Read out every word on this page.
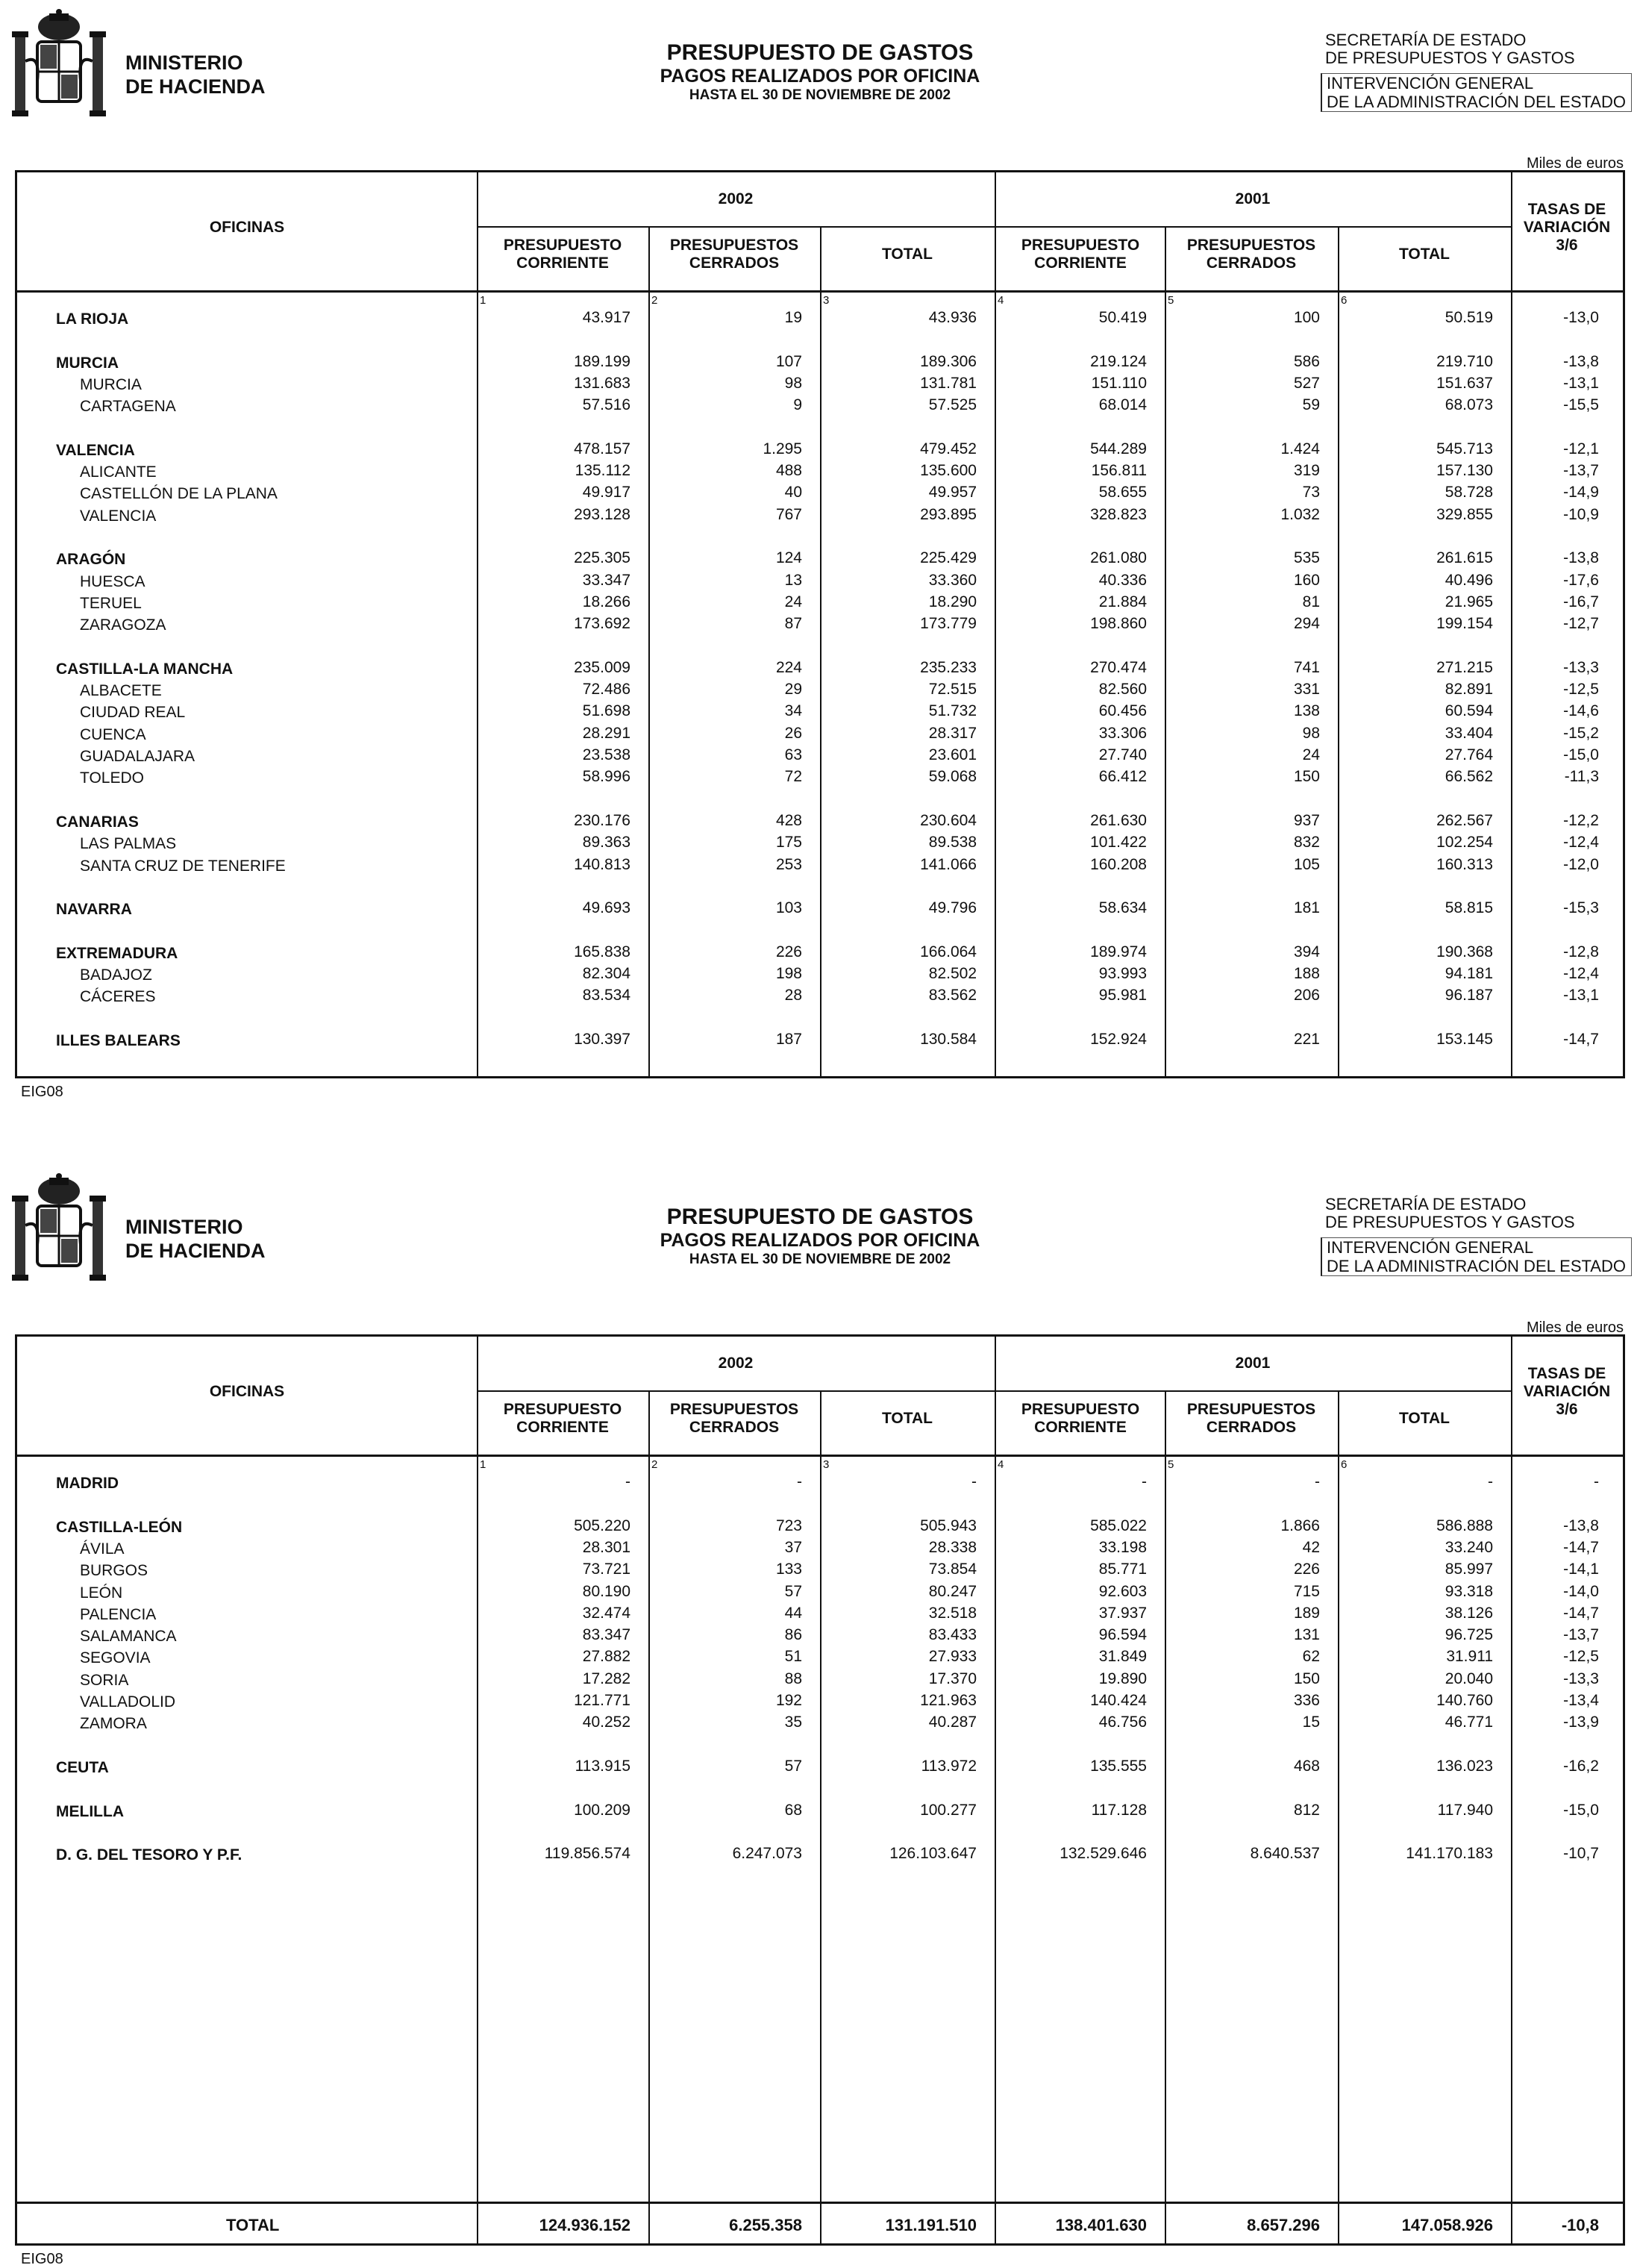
MINISTERIO
DE HACIENDA
PRESUPUESTO DE GASTOS
PAGOS REALIZADOS POR OFICINA
HASTA EL 30 DE NOVIEMBRE DE 2002
SECRETARÍA DE ESTADO
DE PRESUPUESTOS Y GASTOS
INTERVENCIÓN GENERAL
DE LA ADMINISTRACIÓN DEL ESTADO
Miles de euros
OFICINAS
2002	2001
TASAS DE VARIACIÓN 3/6
PRESUPUESTO CORRIENTE
PRESUPUESTOS CERRADOS
TOTAL
PRESUPUESTO CORRIENTE
PRESUPUESTOS CERRADOS
TOTAL
1	2	3	4	5	6
LA RIOJA	43.917	19	43.936	50.419	100	50.519	-13,0
MURCIA	189.199	107	189.306	219.124	586	219.710	-13,8
MURCIA	131.683	98	131.781	151.110	527	151.637	-13,1
CARTAGENA	57.516	9	57.525	68.014	59	68.073	-15,5
VALENCIA	478.157	1.295	479.452	544.289	1.424	545.713	-12,1
ALICANTE	135.112	488	135.600	156.811	319	157.130	-13,7
CASTELLÓN DE LA PLANA	49.917	40	49.957	58.655	73	58.728	-14,9
VALENCIA	293.128	767	293.895	328.823	1.032	329.855	-10,9
ARAGÓN	225.305	124	225.429	261.080	535	261.615	-13,8
HUESCA	33.347	13	33.360	40.336	160	40.496	-17,6
TERUEL	18.266	24	18.290	21.884	81	21.965	-16,7
ZARAGOZA	173.692	87	173.779	198.860	294	199.154	-12,7
CASTILLA-LA MANCHA	235.009	224	235.233	270.474	741	271.215	-13,3
ALBACETE	72.486	29	72.515	82.560	331	82.891	-12,5
CIUDAD REAL	51.698	34	51.732	60.456	138	60.594	-14,6
CUENCA	28.291	26	28.317	33.306	98	33.404	-15,2
GUADALAJARA	23.538	63	23.601	27.740	24	27.764	-15,0
TOLEDO	58.996	72	59.068	66.412	150	66.562	-11,3
CANARIAS	230.176	428	230.604	261.630	937	262.567	-12,2
LAS PALMAS	89.363	175	89.538	101.422	832	102.254	-12,4
SANTA CRUZ DE TENERIFE	140.813	253	141.066	160.208	105	160.313	-12,0
NAVARRA	49.693	103	49.796	58.634	181	58.815	-15,3
EXTREMADURA	165.838	226	166.064	189.974	394	190.368	-12,8
BADAJOZ	82.304	198	82.502	93.993	188	94.181	-12,4
CÁCERES	83.534	28	83.562	95.981	206	96.187	-13,1
ILLES BALEARS	130.397	187	130.584	152.924	221	153.145	-14,7
EIG08
MINISTERIO
DE HACIENDA
PRESUPUESTO DE GASTOS
PAGOS REALIZADOS POR OFICINA
HASTA EL 30 DE NOVIEMBRE DE 2002
SECRETARÍA DE ESTADO
DE PRESUPUESTOS Y GASTOS
INTERVENCIÓN GENERAL
DE LA ADMINISTRACIÓN DEL ESTADO
Miles de euros
OFICINAS
2002	2001
TASAS DE VARIACIÓN 3/6
PRESUPUESTO CORRIENTE
PRESUPUESTOS CERRADOS
TOTAL
PRESUPUESTO CORRIENTE
PRESUPUESTOS CERRADOS
TOTAL
1	2	3	4	5	6
MADRID	-	-	-	-	-	-	-
CASTILLA-LEÓN	505.220	723	505.943	585.022	1.866	586.888	-13,8
ÁVILA	28.301	37	28.338	33.198	42	33.240	-14,7
BURGOS	73.721	133	73.854	85.771	226	85.997	-14,1
LEÓN	80.190	57	80.247	92.603	715	93.318	-14,0
PALENCIA	32.474	44	32.518	37.937	189	38.126	-14,7
SALAMANCA	83.347	86	83.433	96.594	131	96.725	-13,7
SEGOVIA	27.882	51	27.933	31.849	62	31.911	-12,5
SORIA	17.282	88	17.370	19.890	150	20.040	-13,3
VALLADOLID	121.771	192	121.963	140.424	336	140.760	-13,4
ZAMORA	40.252	35	40.287	46.756	15	46.771	-13,9
CEUTA	113.915	57	113.972	135.555	468	136.023	-16,2
MELILLA	100.209	68	100.277	117.128	812	117.940	-15,0
D. G. DEL TESORO Y P.F.	119.856.574	6.247.073	126.103.647	132.529.646	8.640.537	141.170.183	-10,7
TOTAL	124.936.152	6.255.358	131.191.510	138.401.630	8.657.296	147.058.926	-10,8
EIG08
